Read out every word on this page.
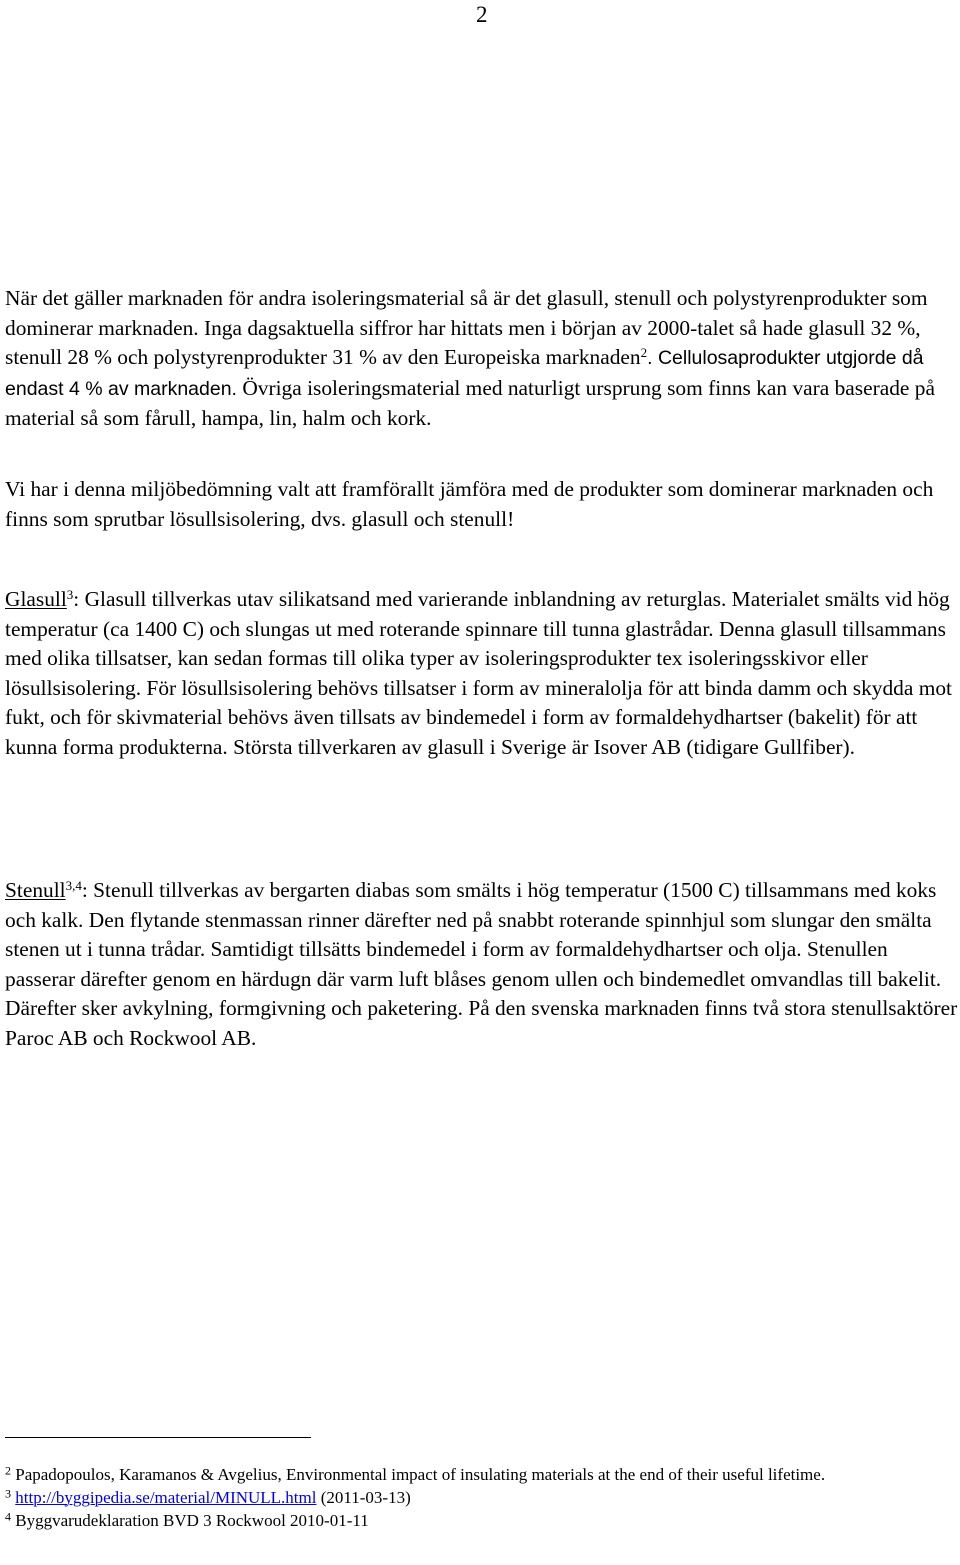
2

När det gäller marknaden för andra isoleringsmaterial så är det glasull, stenull och polystyrenprodukter som dominerar marknaden. Inga dagsaktuella siffror har hittats men i början av 2000-talet så hade glasull 32 %, stenull 28 % och polystyrenprodukter 31 % av den Europeiska marknaden$^2$. Cellulosaprodukter utgjorde då endast 4 % av marknaden. Övriga isoleringsmaterial med naturligt ursprung som finns kan vara baserade på material så som fårull, hampa, lin, halm och kork.

Vi har i denna miljöbedömning valt att framförallt jämföra med de produkter som dominerar marknaden och finns som sprutbar lösullsisolering, dvs. glasull och stenull!

Glasull$^3$: Glasull tillverkas utav silikatsand med varierande inblandning av returglas. Materialet smälts vid hög temperatur (ca 1400 C) och slungas ut med roterande spinnare till tunna glastrådar. Denna glasull tillsammans med olika tillsatser, kan sedan formas till olika typer av isoleringsprodukter tex isoleringsskivor eller lösullsisolering. För lösullsisolering behövs tillsatser i form av mineralolja för att binda damm och skydda mot fukt, och för skivmaterial behövs även tillsats av bindemedel i form av formaldehydhartser (bakelit) för att kunna forma produkterna. Största tillverkaren av glasull i Sverige är Isover AB (tidigare Gullfiber).

Stenull$^{3,4}$: Stenull tillverkas av bergarten diabas som smälts i hög temperatur (1500 C) tillsammans med koks och kalk. Den flytande stenmassan rinner därefter ned på snabbt roterande spinnhjul som slungar den smälta stenen ut i tunna trådar. Samtidigt tillsätts bindemedel i form av formaldehydhartser och olja. Stenullen passerar därefter genom en härdugn där varm luft blåses genom ullen och bindemedlet omvandlas till bakelit. Därefter sker avkylning, formgivning och paketering. På den svenska marknaden finns två stora stenullsaktörer Paroc AB och Rockwool AB.

$^2$ Papadopoulos, Karamanos & Avgelius, Environmental impact of insulating materials at the end of their useful lifetime.

$^3$ http://byggipedia.se/material/MINULL.html (2011-03-13)

$^4$ Byggvarudeklaration BVD 3 Rockwool 2010-01-11
